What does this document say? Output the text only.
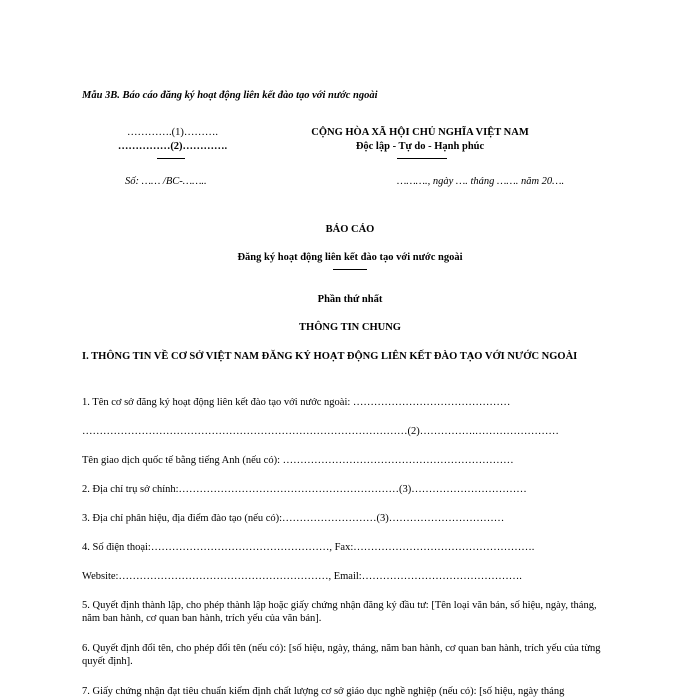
Mẫu 3B. Báo cáo đăng ký hoạt động liên kết đào tạo với nước ngoài
………….(1)……….
……………(2)………….
CỘNG HÒA XÃ HỘI CHỦ NGHĨA VIỆT NAM
Độc lập - Tự do - Hạnh phúc
Số: …… /BC-……..	………., ngày …. tháng ……. năm 20….
BÁO CÁO
Đăng ký hoạt động liên kết đào tạo với nước ngoài
Phần thứ nhất
THÔNG TIN CHUNG
I. THÔNG TIN VỀ CƠ SỞ VIỆT NAM ĐĂNG KÝ HOẠT ĐỘNG LIÊN KẾT ĐÀO TẠO VỚI NƯỚC NGOÀI
1. Tên cơ sở đăng ký hoạt động liên kết đào tạo với nước ngoài: ………………………………………
…………………………………………………………………………………(2)…………….……………………
Tên giao dịch quốc tế bằng tiếng Anh (nếu có): …………………………………………………………
2. Địa chỉ trụ sở chính:………………………………………………………(3)……………………………
3. Địa chỉ phân hiệu, địa điểm đào tạo (nếu có):………………………(3)……………………………
4. Số điện thoại:……………………………………………, Fax:…………………………………………….
Website:……………………………………………………, Email:……………………………………….
5. Quyết định thành lập, cho phép thành lập hoặc giấy chứng nhận đăng ký đầu tư: [Tên loại văn bản, số hiệu, ngày, tháng, năm ban hành, cơ quan ban hành, trích yếu của văn bản].
6. Quyết định đổi tên, cho phép đổi tên (nếu có): [số hiệu, ngày, tháng, năm ban hành, cơ quan ban hành, trích yếu của từng quyết định].
7. Giấy chứng nhận đạt tiêu chuẩn kiểm định chất lượng cơ sở giáo dục nghề nghiệp (nếu có): [số hiệu, ngày tháng
